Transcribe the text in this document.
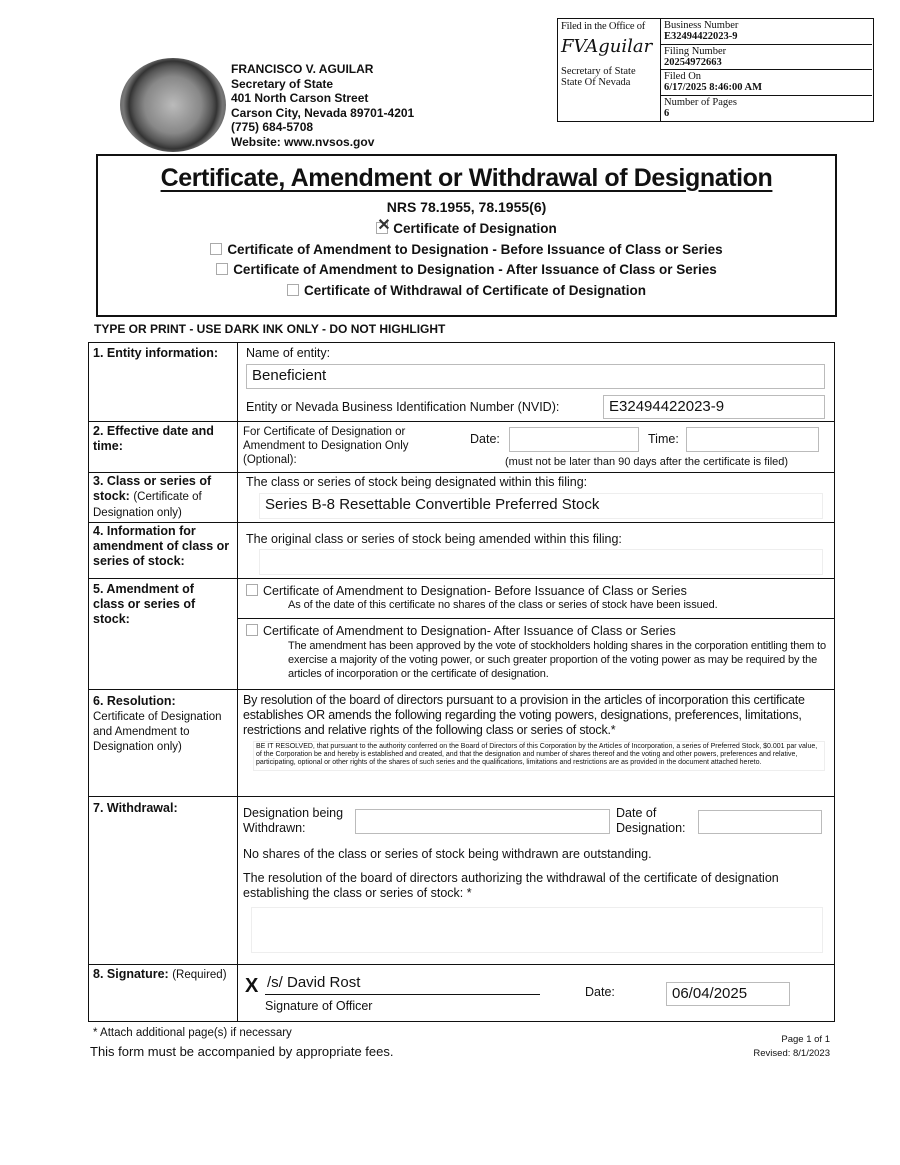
FRANCISCO V. AGUILAR
Secretary of State
401 North Carson Street
Carson City, Nevada 89701-4201
(775) 684-5708
Website: www.nvsos.gov
Filed in the Office of
FVAguilar
Secretary of State
State Of Nevada
Business Number
E32494422023-9
Filing Number
20254972663
Filed On
6/17/2025 8:46:00 AM
Number of Pages
6
Certificate, Amendment or Withdrawal of Designation
NRS 78.1955, 78.1955(6)
✕Certificate of Designation
Certificate of Amendment to Designation - Before Issuance of Class or Series
Certificate of Amendment to Designation - After Issuance of Class or Series
Certificate of Withdrawal of Certificate of Designation
TYPE OR PRINT - USE DARK INK ONLY - DO NOT HIGHLIGHT
1. Entity information: Name of entity:
Beneficient
Entity or Nevada Business Identification Number (NVID):	E32494422023-9
2. Effective date and time:
For Certificate of Designation or Amendment to Designation Only (Optional):
Date:	Time:
(must not be later than 90 days after the certificate is filed)
3. Class or series of stock: (Certificate of Designation only)
The class or series of stock being designated within this filing:
Series B-8 Resettable Convertible Preferred Stock
4. Information for amendment of class or series of stock:
The original class or series of stock being amended within this filing:
5. Amendment of class or series of stock:
Certificate of Amendment to Designation- Before Issuance of Class or Series
As of the date of this certificate no shares of the class or series of stock have been issued.
Certificate of Amendment to Designation- After Issuance of Class or Series
The amendment has been approved by the vote of stockholders holding shares in the corporation entitling them to exercise a majority of the voting power, or such greater proportion of the voting power as may be required by the articles of incorporation or the certificate of designation.
6. Resolution:
Certificate of Designation and Amendment to Designation only)
By resolution of the board of directors pursuant to a provision in the articles of incorporation this certificate establishes OR amends the following regarding the voting powers, designations, preferences, limitations, restrictions and relative rights of the following class or series of stock.*
BE IT RESOLVED, that pursuant to the authority conferred on the Board of Directors of this Corporation by the Articles of Incorporation, a series of Preferred Stock, $0.001 par value, of the Corporation be and hereby is established and created, and that the designation and number of shares thereof and the voting and other powers, preferences and relative, participating, optional or other rights of the shares of such series and the qualifications, limitations and restrictions are as provided in the document attached hereto.
7. Withdrawal:	Designation being Withdrawn:
Date of Designation:
No shares of the class or series of stock being withdrawn are outstanding.
The resolution of the board of directors authorizing the withdrawal of the certificate of designation establishing the class or series of stock: *
8. Signature: (Required) X /s/ David Rost
Signature of Officer
Date:	06/04/2025
* Attach additional page(s) if necessary
This form must be accompanied by appropriate fees.
Page 1 of 1
Revised: 8/1/2023
